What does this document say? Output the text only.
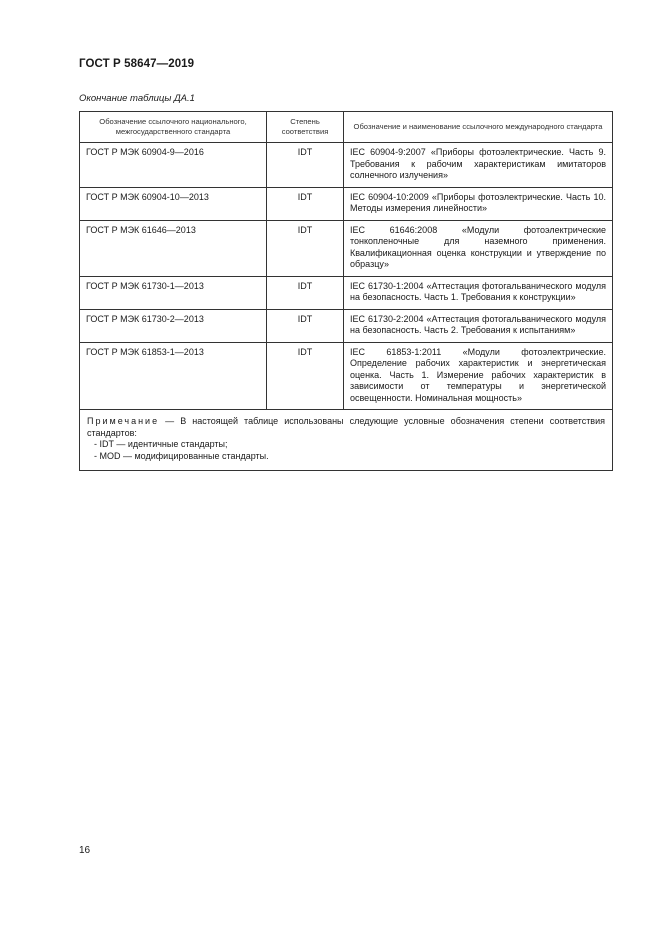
ГОСТ Р 58647—2019
Окончание таблицы ДА.1
Обозначение ссылочного национального, межгосударственного стандарта	Степень соответствия	Обозначение и наименование ссылочного международного стандарта
ГОСТ Р МЭК 60904-9—2016	IDT	IEC 60904-9:2007 «Приборы фотоэлектрические. Часть 9. Требования к рабочим характеристикам имитаторов солнечного излучения»
ГОСТ Р МЭК 60904-10—2013	IDT	IEC 60904-10:2009 «Приборы фотоэлектрические. Часть 10. Методы измерения линейности»
ГОСТ Р МЭК 61646—2013	IDT	IEC 61646:2008 «Модули фотоэлектрические тонкопленочные для наземного применения. Квалификационная оценка конструкции и утверждение по образцу»
ГОСТ Р МЭК 61730-1—2013	IDT	IEC 61730-1:2004 «Аттестация фотогальванического модуля на безопасность. Часть 1. Требования к конструкции»
ГОСТ Р МЭК 61730-2—2013	IDT	IEC 61730-2:2004 «Аттестация фотогальванического модуля на безопасность. Часть 2. Требования к испытаниям»
ГОСТ Р МЭК 61853-1—2013	IDT	IEC 61853-1:2011 «Модули фотоэлектрические. Определение рабочих характеристик и энергетическая оценка. Часть 1. Измерение рабочих характеристик в зависимости от температуры и энергетической освещенности. Номинальная мощность»

Примечание — В настоящей таблице использованы следующие условные обозначения степени соответствия стандартов:
- IDT — идентичные стандарты;
- MOD — модифицированные стандарты.		
16
